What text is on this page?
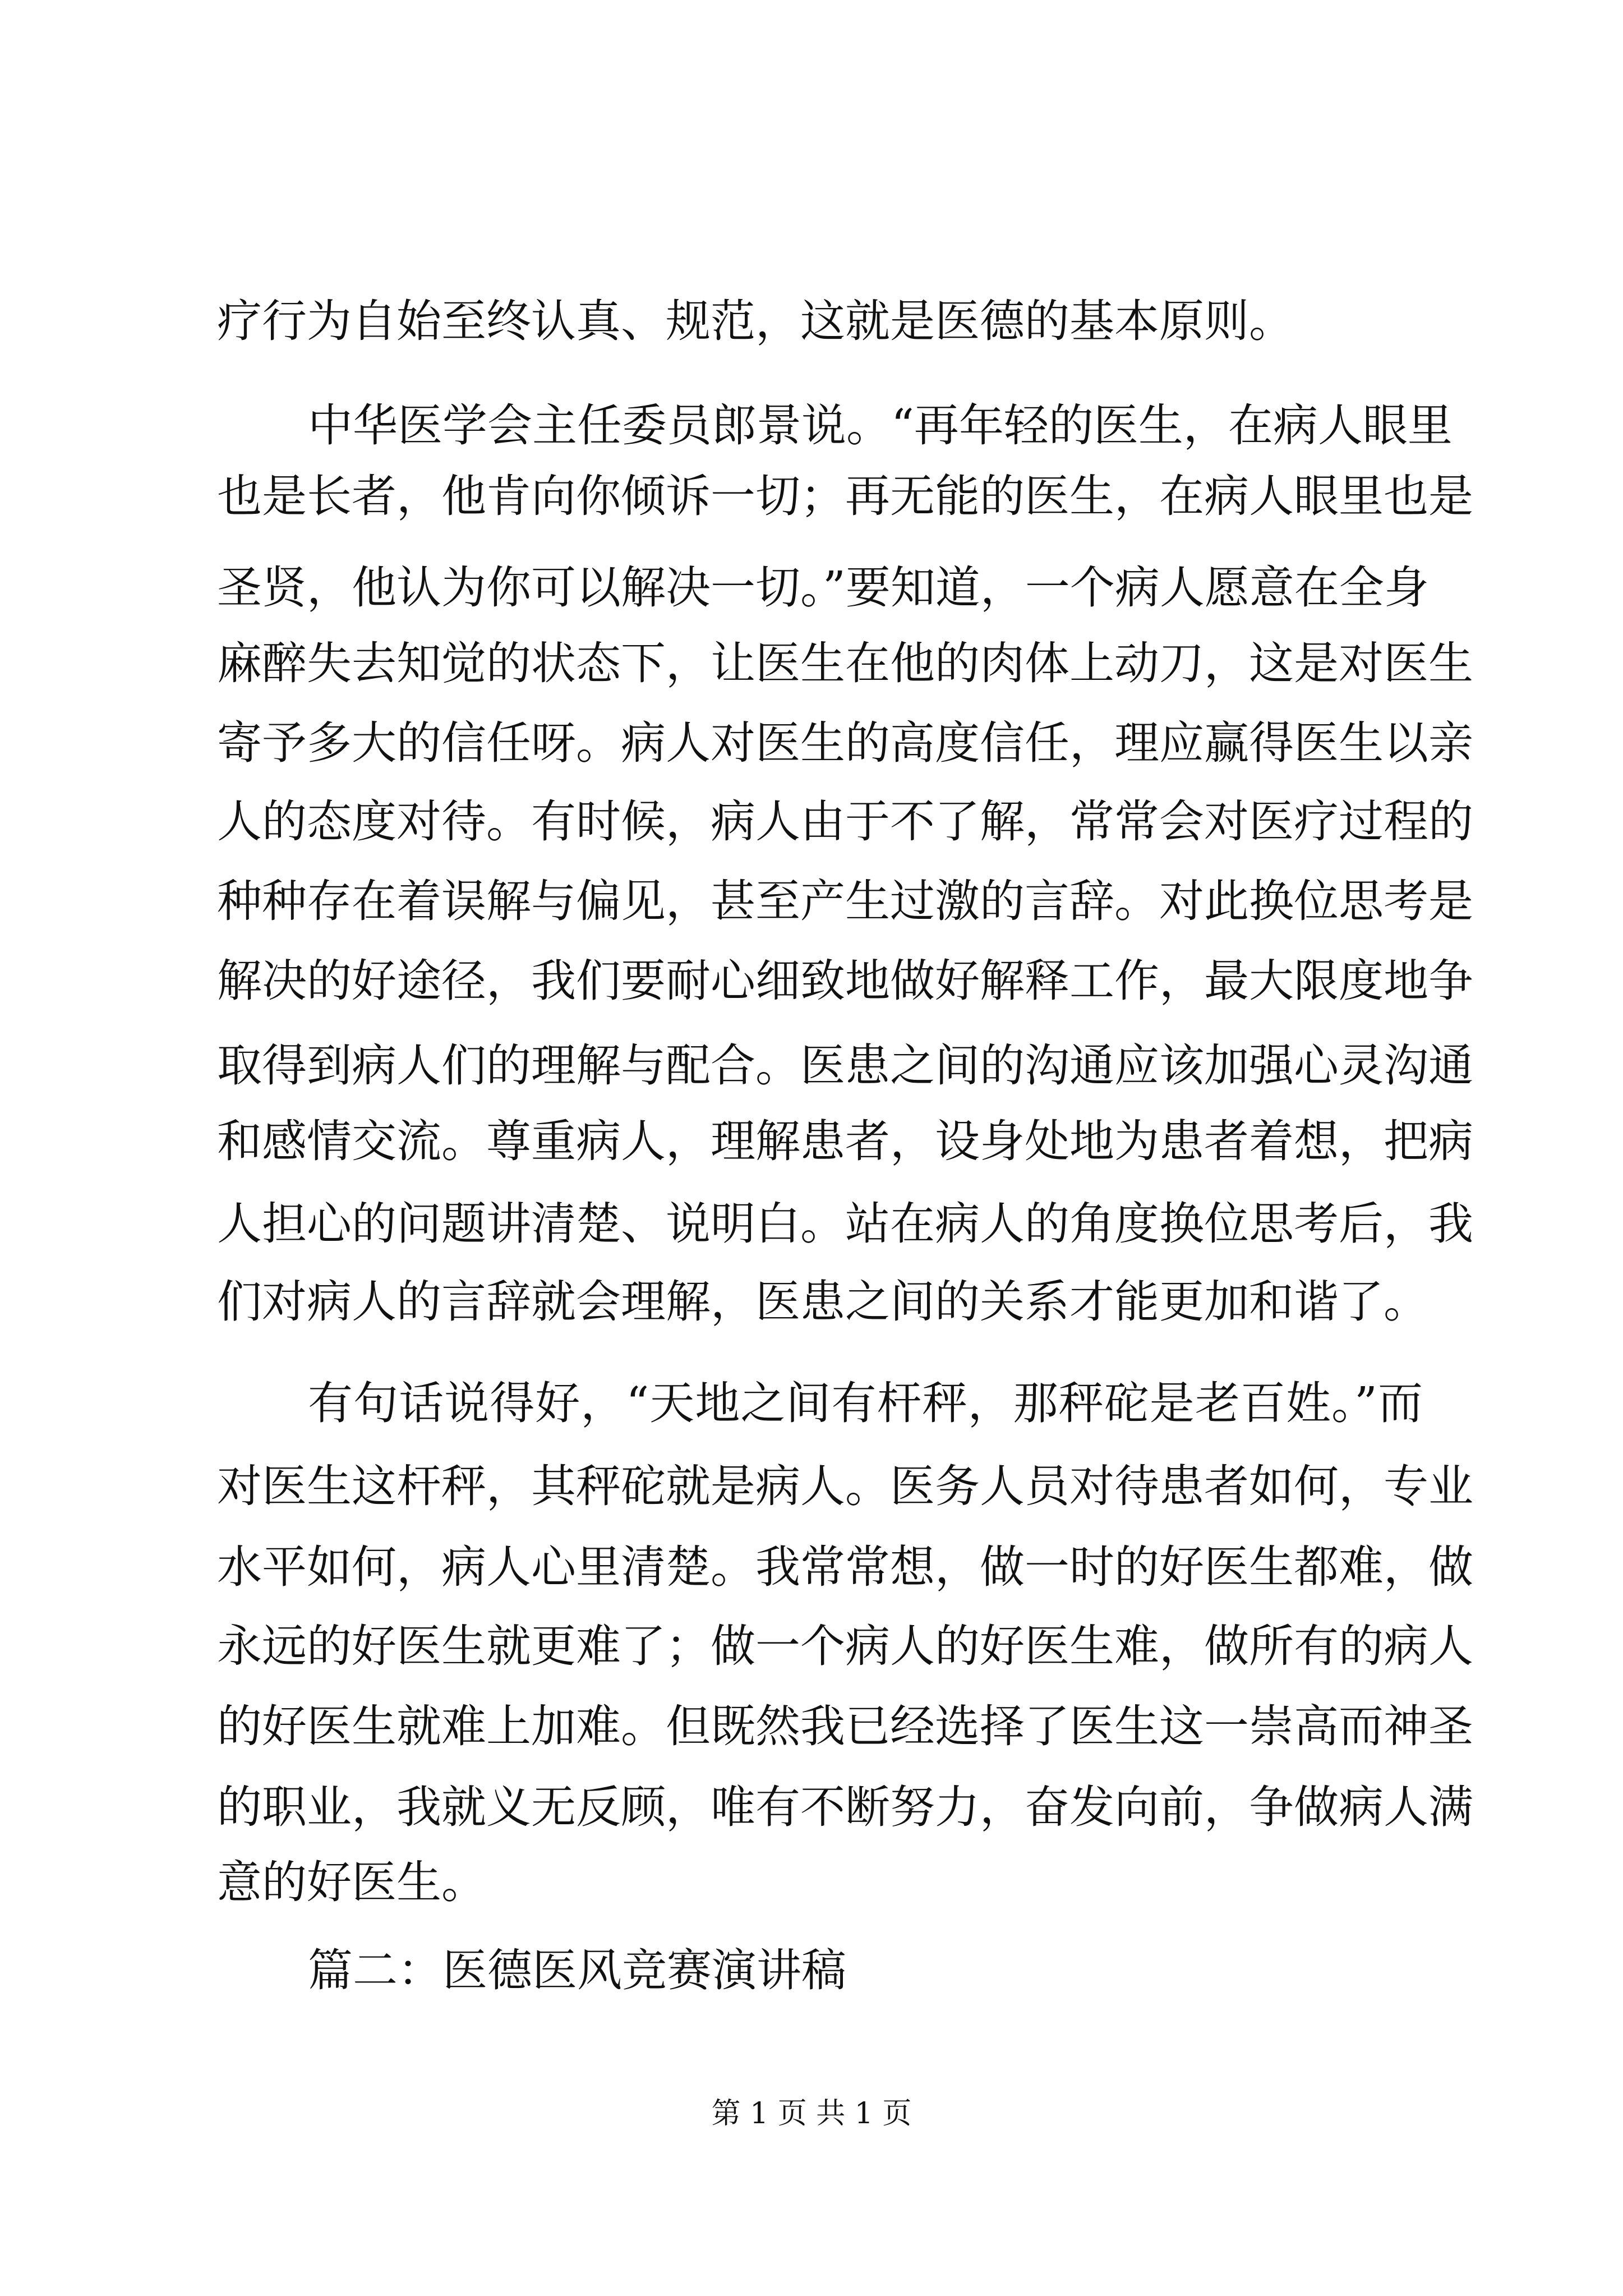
疗行为自始至终认真、规范，这就是医德的基本原则。
中华医学会主任委员郎景说。“再年轻的医生，在病人眼里
也是长者，他肯向你倾诉一切；再无能的医生，在病人眼里也是
圣贤，他认为你可以解决一切。”要知道，一个病人愿意在全身
麻醉失去知觉的状态下，让医生在他的肉体上动刀，这是对医生
寄予多大的信任呀。病人对医生的高度信任，理应赢得医生以亲
人的态度对待。有时候，病人由于不了解，常常会对医疗过程的
种种存在着误解与偏见，甚至产生过激的言辞。对此换位思考是
解决的好途径，我们要耐心细致地做好解释工作，最大限度地争
取得到病人们的理解与配合。医患之间的沟通应该加强心灵沟通
和感情交流。尊重病人，理解患者，设身处地为患者着想，把病
人担心的问题讲清楚、说明白。站在病人的角度换位思考后，我
们对病人的言辞就会理解，医患之间的关系才能更加和谐了。
有句话说得好，“天地之间有杆秤，那秤砣是老百姓。”而
对医生这杆秤，其秤砣就是病人。医务人员对待患者如何，专业
水平如何，病人心里清楚。我常常想，做一时的好医生都难，做
永远的好医生就更难了；做一个病人的好医生难，做所有的病人
的好医生就难上加难。但既然我已经选择了医生这一崇高而神圣
的职业，我就义无反顾，唯有不断努力，奋发向前，争做病人满
意的好医生。
篇二：医德医风竞赛演讲稿
第 1 页 共 1 页
